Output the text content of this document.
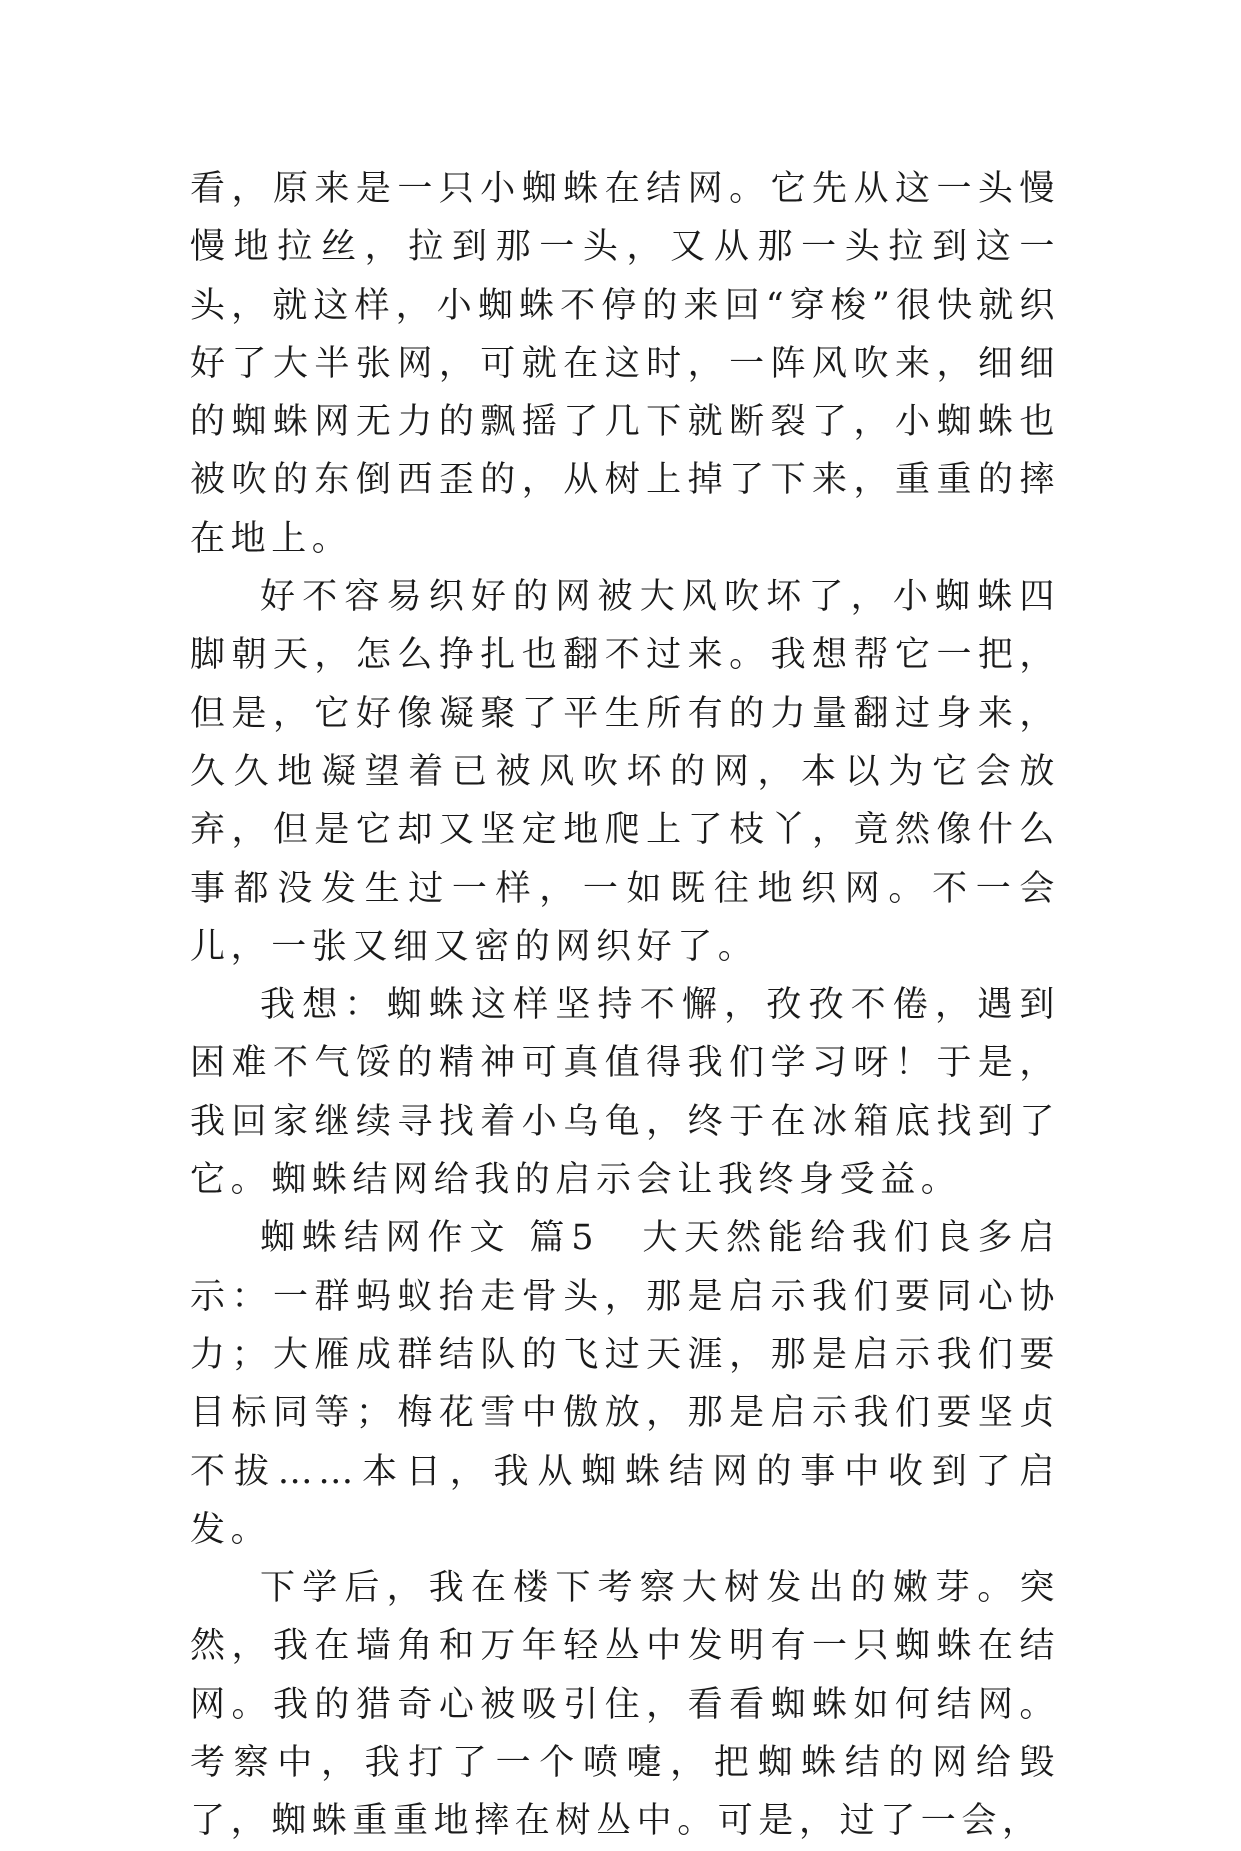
看，原来是一只小蜘蛛在结网。它先从这一头慢慢地拉丝，拉到那一头，又从那一头拉到这一头，就这样，小蜘蛛不停的来回“穿梭”很快就织好了大半张网，可就在这时，一阵风吹来，细细的蜘蛛网无力的飘摇了几下就断裂了，小蜘蛛也被吹的东倒西歪的，从树上掉了下来，重重的摔在地上。

好不容易织好的网被大风吹坏了，小蜘蛛四脚朝天，怎么挣扎也翻不过来。我想帮它一把，但是，它好像凝聚了平生所有的力量翻过身来，久久地凝望着已被风吹坏的网，本以为它会放弃，但是它却又坚定地爬上了枝丫，竟然像什么事都没发生过一样，一如既往地织网。不一会儿，一张又细又密的网织好了。

我想：蜘蛛这样坚持不懈，孜孜不倦，遇到困难不气馁的精神可真值得我们学习呀！于是，我回家继续寻找着小乌龟，终于在冰箱底找到了它。蜘蛛结网给我的启示会让我终身受益。

蜘蛛结网作文 篇5 大天然能给我们良多启示：一群蚂蚁抬走骨头，那是启示我们要同心协力；大雁成群结队的飞过天涯，那是启示我们要目标同等；梅花雪中傲放，那是启示我们要坚贞不拔……本日，我从蜘蛛结网的事中收到了启发。

下学后，我在楼下考察大树发出的嫩芽。突然，我在墙角和万年轻丛中发明有一只蜘蛛在结网。我的猎奇心被吸引住，看看蜘蛛如何结网。考察中，我打了一个喷嚏，把蜘蛛结的网给毁了，蜘蛛重重地摔在树丛中。可是，过了一会，
